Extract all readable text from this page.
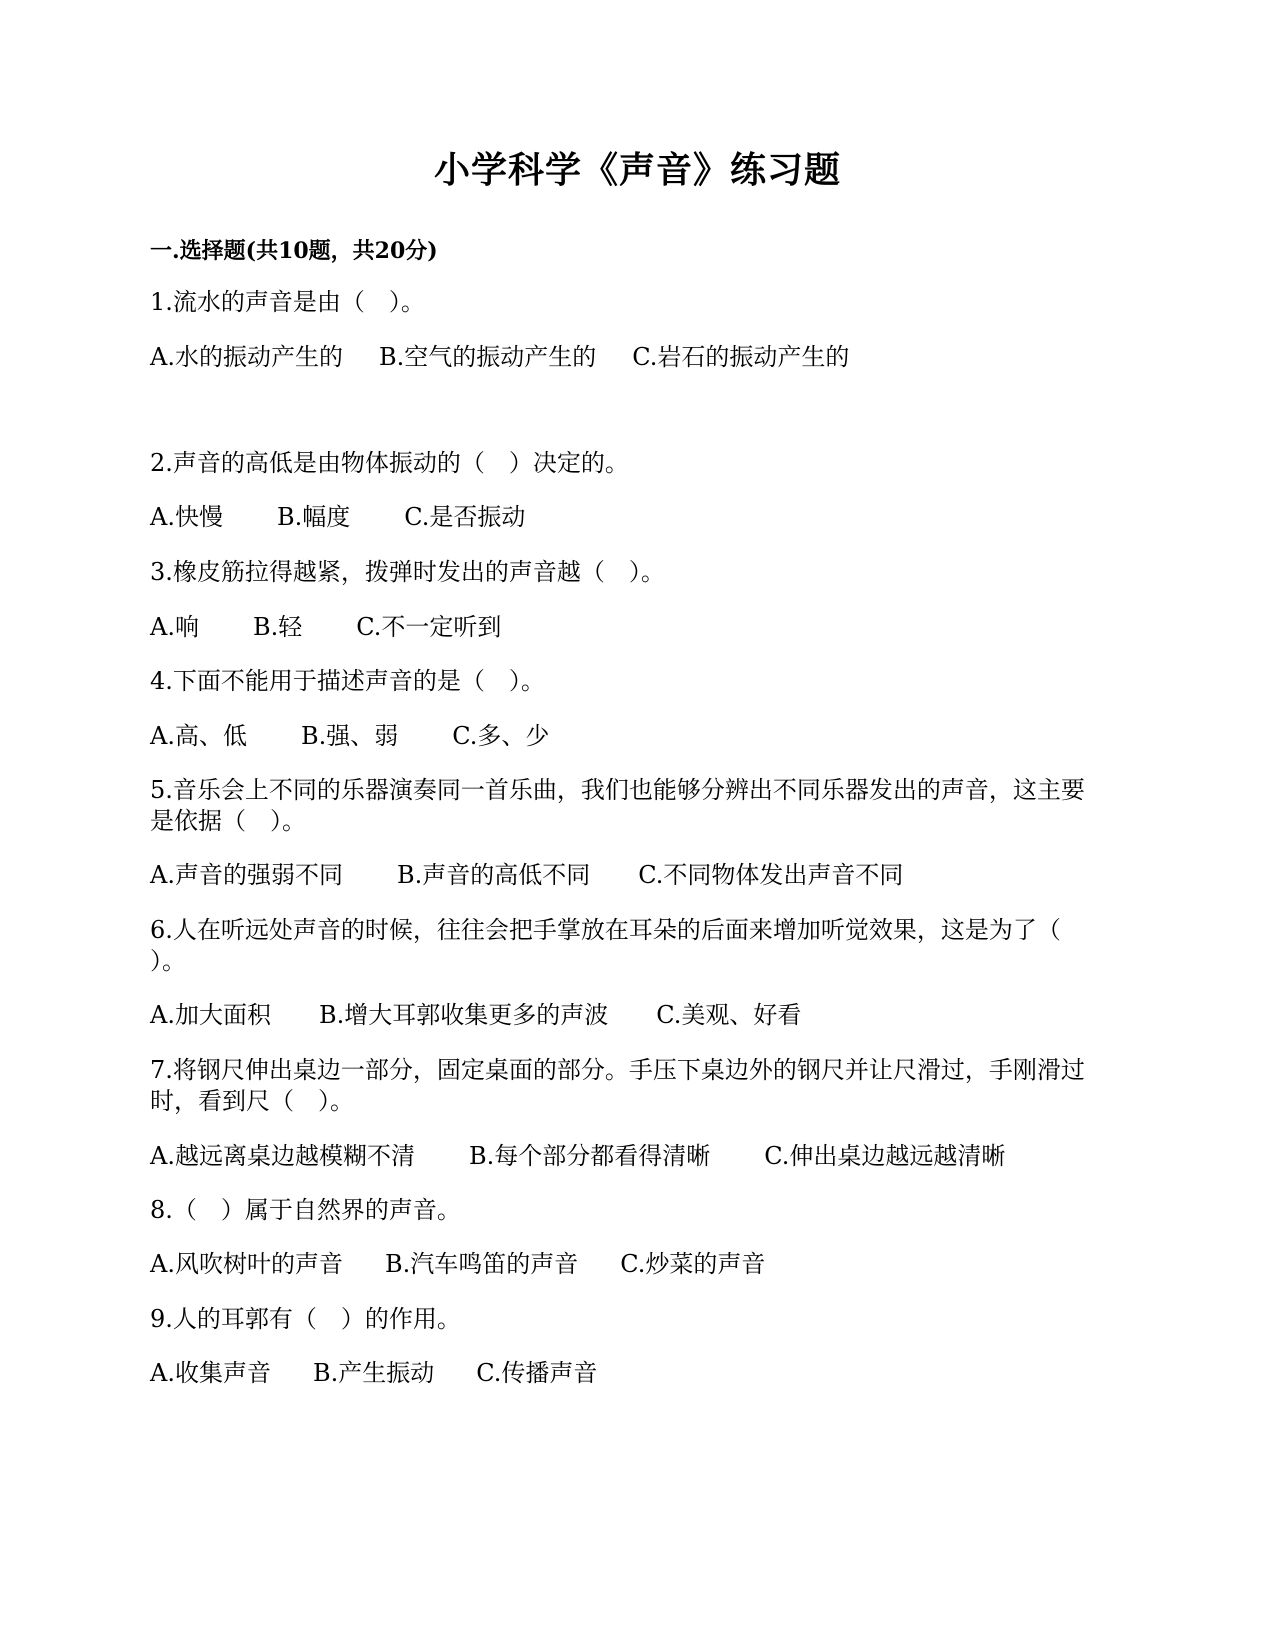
小学科学《声音》练习题
一.选择题(共10题，共20分)
1.流水的声音是由（　）。
A.水的振动产生的 B.空气的振动产生的 C.岩石的振动产生的
2.声音的高低是由物体振动的（　）决定的。
A.快慢 B.幅度 C.是否振动
3.橡皮筋拉得越紧，拨弹时发出的声音越（　）。
A.响 B.轻 C.不一定听到
4.下面不能用于描述声音的是（　）。
A.高、低 B.强、弱 C.多、少
5.音乐会上不同的乐器演奏同一首乐曲，我们也能够分辨出不同乐器发出的声音，这主要
是依据（　）。
A.声音的强弱不同 B.声音的高低不同 C.不同物体发出声音不同
6.人在听远处声音的时候，往往会把手掌放在耳朵的后面来增加听觉效果，这是为了（
）。
A.加大面积 B.增大耳郭收集更多的声波 C.美观、好看
7.将钢尺伸出桌边一部分，固定桌面的部分。手压下桌边外的钢尺并让尺滑过，手刚滑过
时，看到尺（　）。
A.越远离桌边越模糊不清 B.每个部分都看得清晰 C.伸出桌边越远越清晰
8.（　）属于自然界的声音。
A.风吹树叶的声音 B.汽车鸣笛的声音 C.炒菜的声音
9.人的耳郭有（　）的作用。
A.收集声音 B.产生振动 C.传播声音
